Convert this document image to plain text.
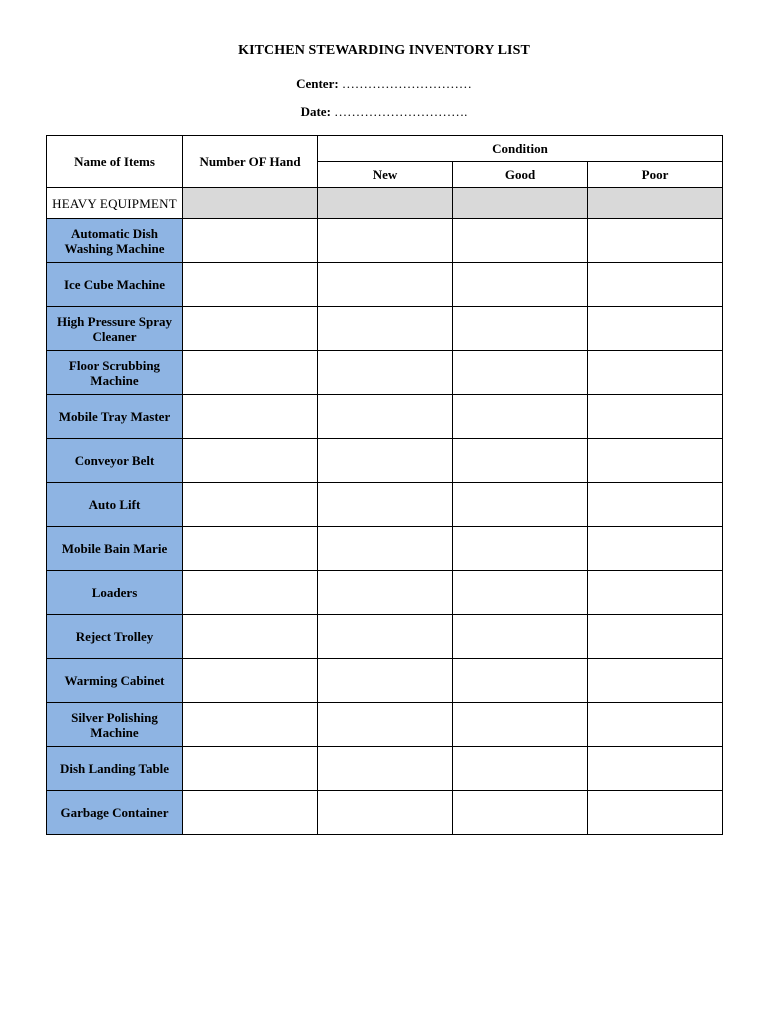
KITCHEN STEWARDING INVENTORY LIST
Center: …………………………
Date: ………………………….
Name of Items	Number OF Hand	Condition		
		New	Good	Poor
HEAVY EQUIPMENT				
Automatic Dish Washing Machine				
Ice Cube Machine				
High Pressure Spray Cleaner				
Floor Scrubbing Machine				
Mobile Tray Master				
Conveyor Belt				
Auto Lift				
Mobile Bain Marie				
Loaders				
Reject Trolley				
Warming Cabinet				
Silver Polishing Machine				
Dish Landing Table				
Garbage Container				
